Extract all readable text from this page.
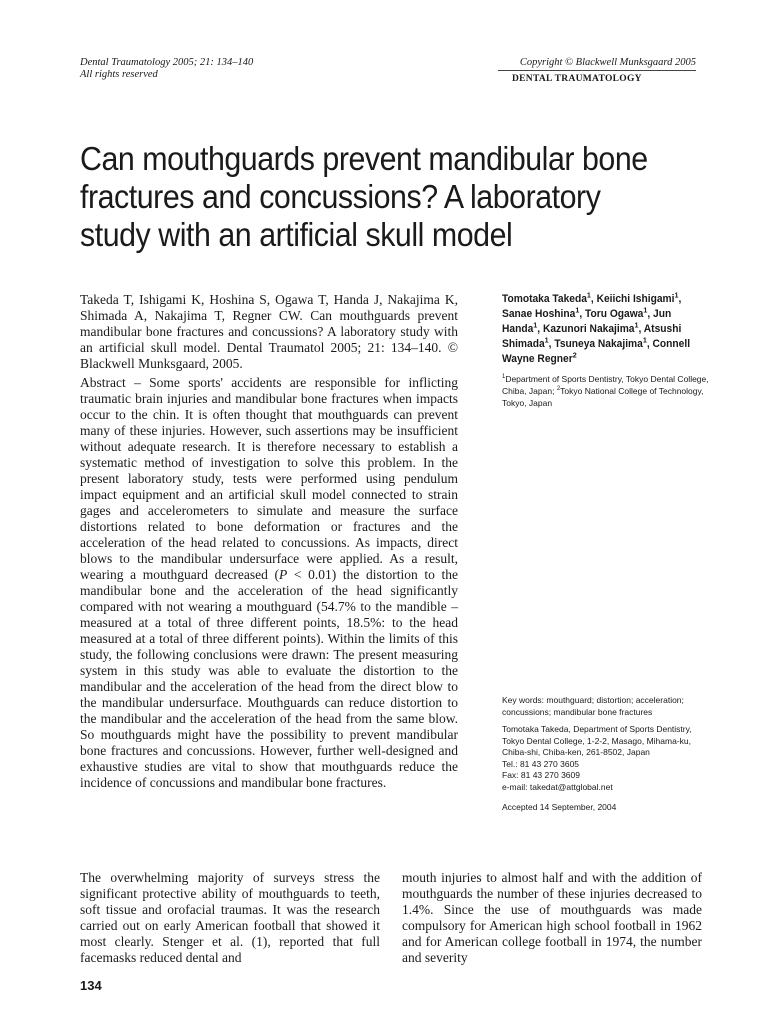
Dental Traumatology 2005; 21: 134–140
All rights reserved
Copyright © Blackwell Munksgaard 2005
DENTAL TRAUMATOLOGY
Can mouthguards prevent mandibular bone fractures and concussions? A laboratory study with an artificial skull model
Takeda T, Ishigami K, Hoshina S, Ogawa T, Handa J, Nakajima K, Shimada A, Nakajima T, Regner CW. Can mouthguards prevent mandibular bone fractures and concussions? A laboratory study with an artificial skull model. Dental Traumatol 2005; 21: 134–140. © Blackwell Munksgaard, 2005.
Abstract – Some sports' accidents are responsible for inflicting traumatic brain injuries and mandibular bone fractures when impacts occur to the chin. It is often thought that mouthguards can prevent many of these injuries. However, such assertions may be insufficient without adequate research. It is therefore necessary to establish a systematic method of investigation to solve this problem. In the present laboratory study, tests were performed using pendulum impact equipment and an artificial skull model connected to strain gages and accelerometers to simulate and measure the surface distortions related to bone deformation or fractures and the acceleration of the head related to concussions. As impacts, direct blows to the mandibular undersurface were applied. As a result, wearing a mouthguard decreased (P < 0.01) the distortion to the mandibular bone and the acceleration of the head significantly compared with not wearing a mouthguard (54.7% to the mandible – measured at a total of three different points, 18.5%: to the head measured at a total of three different points). Within the limits of this study, the following conclusions were drawn: The present measuring system in this study was able to evaluate the distortion to the mandibular and the acceleration of the head from the direct blow to the mandibular undersurface. Mouthguards can reduce distortion to the mandibular and the acceleration of the head from the same blow. So mouthguards might have the possibility to prevent mandibular bone fractures and concussions. However, further well-designed and exhaustive studies are vital to show that mouthguards reduce the incidence of concussions and mandibular bone fractures.
Tomotaka Takeda$^1$, Keiichi Ishigami$^1$, Sanae Hoshina$^1$, Toru Ogawa$^1$, Jun Handa$^1$, Kazunori Nakajima$^1$, Atsushi Shimada$^1$, Tsuneya Nakajima$^1$, Connell Wayne Regner$^2$
$^1$Department of Sports Dentistry, Tokyo Dental College, Chiba, Japan; $^2$Tokyo National College of Technology, Tokyo, Japan
Key words: mouthguard; distortion; acceleration; concussions; mandibular bone fractures
Tomotaka Takeda, Department of Sports Dentistry,
Tokyo Dental College, 1-2-2, Masago, Mihama-ku,
Chiba-shi, Chiba-ken, 261-8502, Japan
Tel.: 81 43 270 3605
Fax: 81 43 270 3609
e-mail: takedat@attglobal.net
Accepted 14 September, 2004
The overwhelming majority of surveys stress the significant protective ability of mouthguards to teeth, soft tissue and orofacial traumas. It was the research carried out on early American football that showed it most clearly. Stenger et al. (1), reported that full facemasks reduced dental and
mouth injuries to almost half and with the addition of mouthguards the number of these injuries decreased to 1.4%. Since the use of mouthguards was made compulsory for American high school football in 1962 and for American college football in 1974, the number and severity
134
